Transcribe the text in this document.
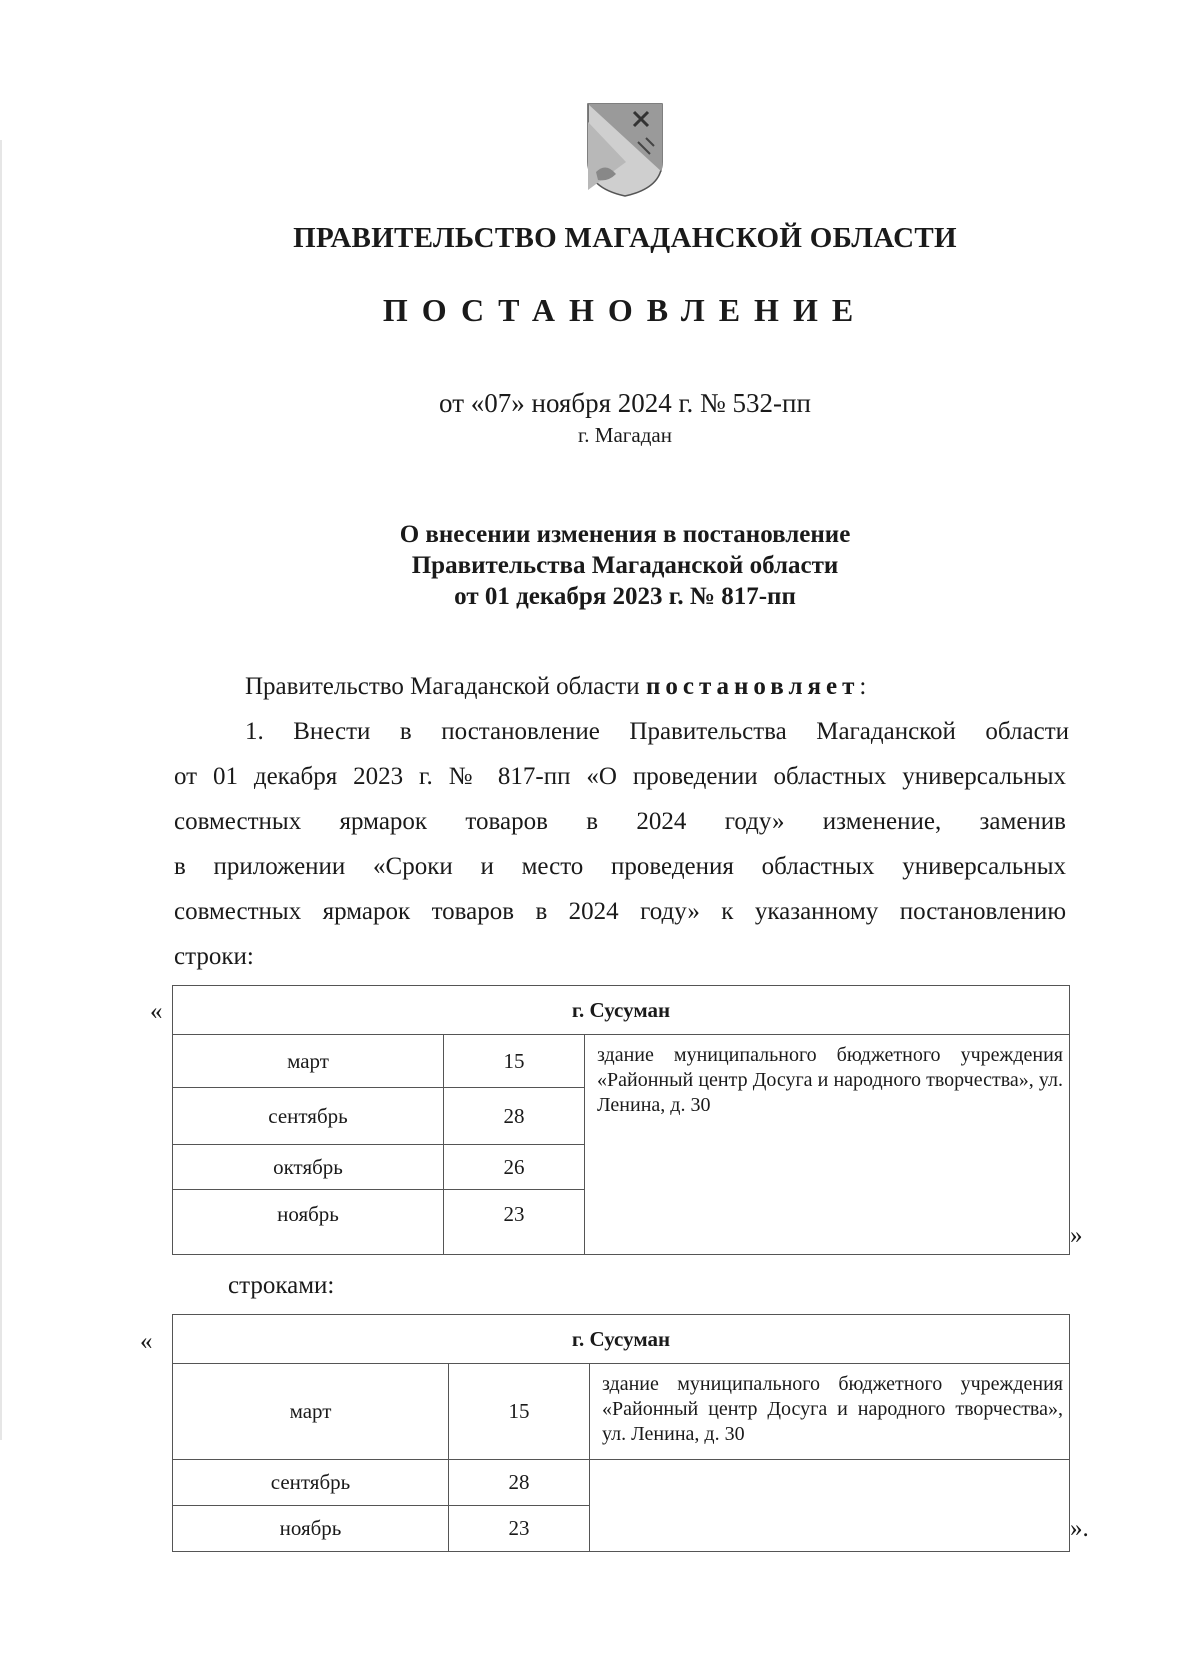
ПРАВИТЕЛЬСТВО МАГАДАНСКОЙ ОБЛАСТИ
ПОСТАНОВЛЕНИЕ
от «07» ноября 2024 г. № 532-пп
г. Магадан
О внесении изменения в постановление
Правительства Магаданской области
от 01 декабря 2023 г. № 817-пп
Правительство Магаданской области постановляет:
1. Внести в постановление Правительства Магаданской области
от 01 декабря 2023 г. № 817-пп «О проведении областных универсальных
совместных ярмарок товаров в 2024 году» изменение, заменив
в приложении «Сроки и место проведения областных универсальных
совместных ярмарок товаров в 2024 году» к указанному постановлению
строки:
«	г. Сусуман		
март	15	здание муниципального бюджетного учреждения «Районный центр Досуга и народного творчества», ул. Ленина, д. 30
сентябрь	28	
октябрь	26	
ноябрь	23	
»
строками:
«	г. Сусуман		
март	15	здание муниципального бюджетного учреждения «Районный центр Досуга и народного творчества», ул. Ленина, д. 30
сентябрь	28	
ноябрь	23		».
